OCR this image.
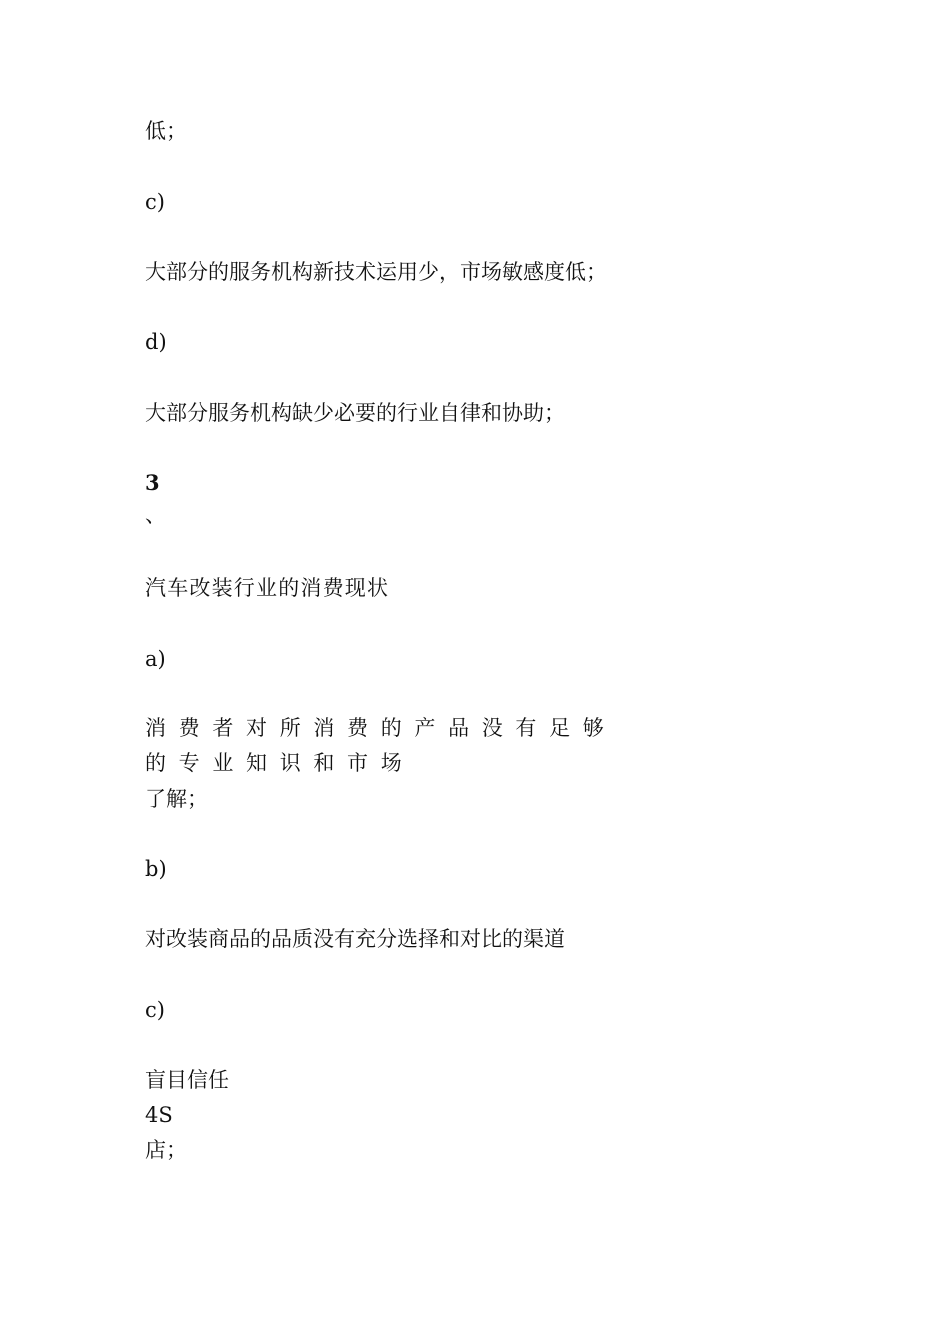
低；
c)
大部分的服务机构新技术运用少，市场敏感度低；
d)
大部分服务机构缺少必要的行业自律和协助；
3
、
汽车改装行业的消费现状
a)
消 费 者 对 所 消 费 的 产 品 没 有 足 够
的 专 业 知 识 和 市 场
了解；
b)
对改装商品的品质没有充分选择和对比的渠道
c)
盲目信任
4S
店；
